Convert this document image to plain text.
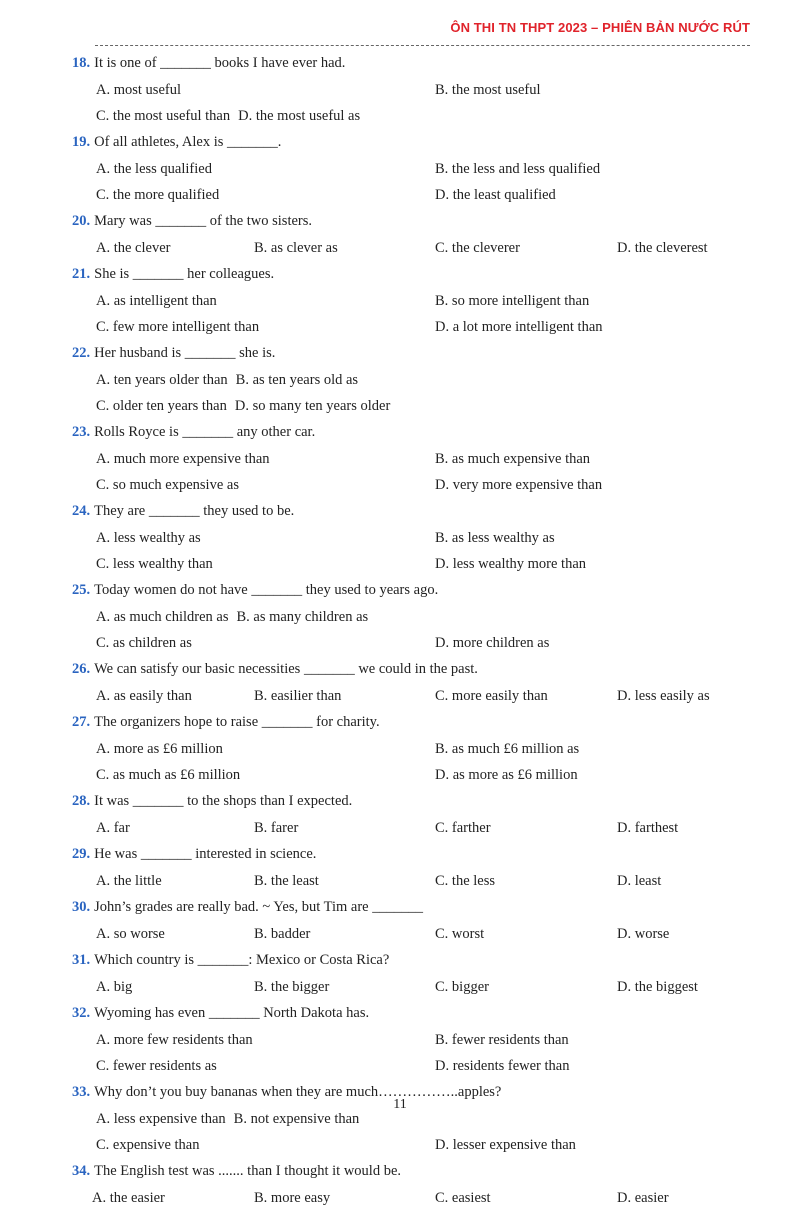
ÔN THI TN THPT 2023 – PHIÊN BẢN NƯỚC RÚT
18. It is one of _______ books I have ever had.
A. most useful	B. the most useful
C. the most useful than D. the most useful as
19. Of all athletes, Alex is _______.
A. the less qualified	B. the less and less qualified
C. the more qualified	D. the least qualified
20. Mary was _______ of the two sisters.
A. the clever	B. as clever as	C. the cleverer	D. the cleverest
21. She is _______ her colleagues.
A. as intelligent than	B. so more intelligent than
C. few more intelligent than	D. a lot more intelligent than
22. Her husband is _______ she is.
A. ten years older than B. as ten years old as
C. older ten years than D. so many ten years older
23. Rolls Royce is _______ any other car.
A. much more expensive than	B. as much expensive than
C. so much expensive as	D. very more expensive than
24. They are _______ they used to be.
A. less wealthy as	B. as less wealthy as
C. less wealthy than	D. less wealthy more than
25. Today women do not have _______ they used to years ago.
A. as much children as B. as many children as
C. as children as	D. more children as
26. We can satisfy our basic necessities _______ we could in the past.
A. as easily than	B. easilier than	C. more easily than	D. less easily as
27. The organizers hope to raise _______ for charity.
A. more as £6 million	B. as much £6 million as
C. as much as £6 million	D. as more as £6 million
28. It was _______ to the shops than I expected.
A. far	B. farer	C. farther	D. farthest
29. He was _______ interested in science.
A. the little	B. the least	C. the less	D. least
30. John’s grades are really bad. ~ Yes, but Tim are _______
A. so worse	B. badder	C. worst	D. worse
31. Which country is _______: Mexico or Costa Rica?
A. big	B. the bigger	C. bigger	D. the biggest
32. Wyoming has even _______ North Dakota has.
A. more few residents than	B. fewer residents than
C. fewer residents as	D. residents fewer than
33. Why don’t you buy bananas when they are much……………..apples?
A. less expensive than B. not expensive than
C. expensive than	D. lesser expensive than
34. The English test was ....... than I thought it would be.
A. the easier	B. more easy	C. easiest	D. easier
11
